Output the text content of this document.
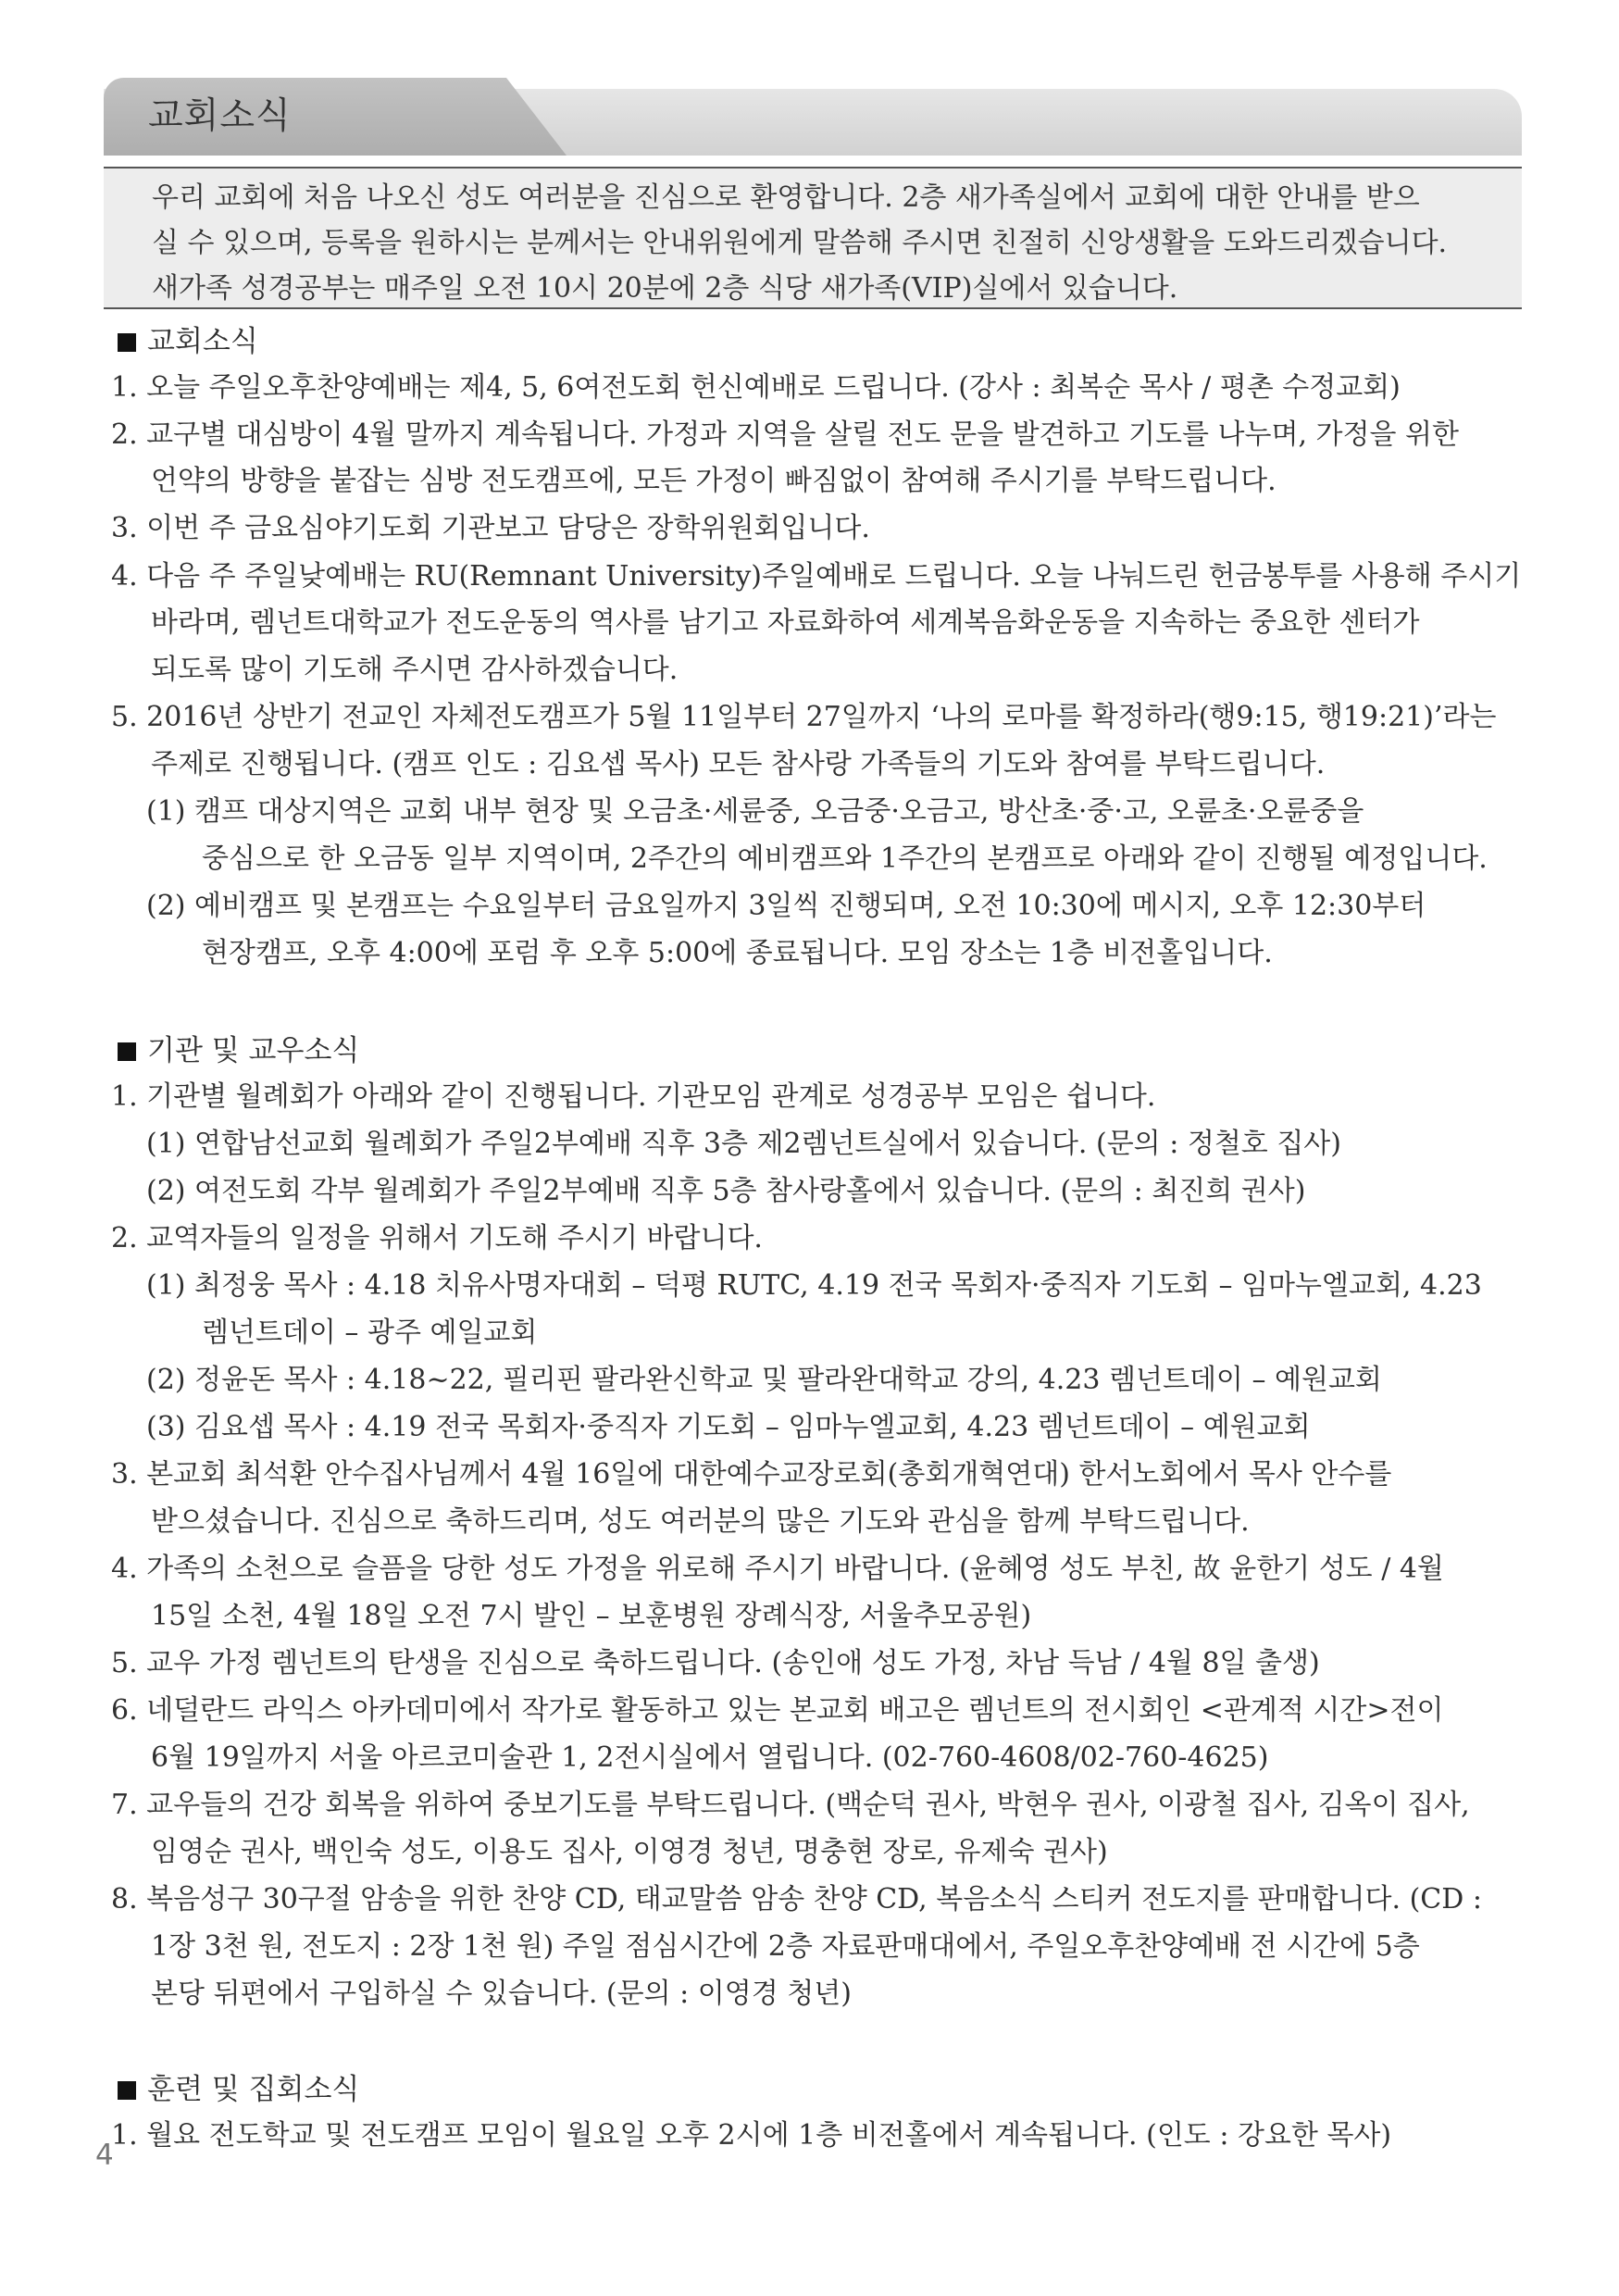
교회소식
우리 교회에 처음 나오신 성도 여러분을 진심으로 환영합니다. 2층 새가족실에서 교회에 대한 안내를 받으
실 수 있으며, 등록을 원하시는 분께서는 안내위원에게 말씀해 주시면 친절히 신앙생활을 도와드리겠습니다.
새가족 성경공부는 매주일 오전 10시 20분에 2층 식당 새가족(VIP)실에서 있습니다.
교회소식
1. 오늘 주일오후찬양예배는 제4, 5, 6여전도회 헌신예배로 드립니다. (강사 : 최복순 목사 / 평촌 수정교회)
2. 교구별 대심방이 4월 말까지 계속됩니다. 가정과 지역을 살릴 전도 문을 발견하고 기도를 나누며, 가정을 위한
언약의 방향을 붙잡는 심방 전도캠프에, 모든 가정이 빠짐없이 참여해 주시기를 부탁드립니다.
3. 이번 주 금요심야기도회 기관보고 담당은 장학위원회입니다.
4. 다음 주 주일낮예배는 RU(Remnant University)주일예배로 드립니다. 오늘 나눠드린 헌금봉투를 사용해 주시기
바라며, 렘넌트대학교가 전도운동의 역사를 남기고 자료화하여 세계복음화운동을 지속하는 중요한 센터가
되도록 많이 기도해 주시면 감사하겠습니다.
5. 2016년 상반기 전교인 자체전도캠프가 5월 11일부터 27일까지 ‘나의 로마를 확정하라(행9:15, 행19:21)’라는
주제로 진행됩니다. (캠프 인도 : 김요셉 목사) 모든 참사랑 가족들의 기도와 참여를 부탁드립니다.
(1) 캠프 대상지역은 교회 내부 현장 및 오금초·세륜중, 오금중·오금고, 방산초·중·고, 오륜초·오륜중을
중심으로 한 오금동 일부 지역이며, 2주간의 예비캠프와 1주간의 본캠프로 아래와 같이 진행될 예정입니다.
(2) 예비캠프 및 본캠프는 수요일부터 금요일까지 3일씩 진행되며, 오전 10:30에 메시지, 오후 12:30부터
현장캠프, 오후 4:00에 포럼 후 오후 5:00에 종료됩니다. 모임 장소는 1층 비전홀입니다.
기관 및 교우소식
1. 기관별 월례회가 아래와 같이 진행됩니다. 기관모임 관계로 성경공부 모임은 쉽니다.
(1) 연합남선교회 월례회가 주일2부예배 직후 3층 제2렘넌트실에서 있습니다. (문의 : 정철호 집사)
(2) 여전도회 각부 월례회가 주일2부예배 직후 5층 참사랑홀에서 있습니다. (문의 : 최진희 권사)
2. 교역자들의 일정을 위해서 기도해 주시기 바랍니다.
(1) 최정웅 목사 : 4.18 치유사명자대회 – 덕평 RUTC, 4.19 전국 목회자·중직자 기도회 – 임마누엘교회, 4.23
렘넌트데이 – 광주 예일교회
(2) 정윤돈 목사 : 4.18~22, 필리핀 팔라완신학교 및 팔라완대학교 강의, 4.23 렘넌트데이 – 예원교회
(3) 김요셉 목사 : 4.19 전국 목회자·중직자 기도회 – 임마누엘교회, 4.23 렘넌트데이 – 예원교회
3. 본교회 최석환 안수집사님께서 4월 16일에 대한예수교장로회(총회개혁연대) 한서노회에서 목사 안수를
받으셨습니다. 진심으로 축하드리며, 성도 여러분의 많은 기도와 관심을 함께 부탁드립니다.
4. 가족의 소천으로 슬픔을 당한 성도 가정을 위로해 주시기 바랍니다. (윤혜영 성도 부친, 故 윤한기 성도 / 4월
15일 소천, 4월 18일 오전 7시 발인 – 보훈병원 장례식장, 서울추모공원)
5. 교우 가정 렘넌트의 탄생을 진심으로 축하드립니다. (송인애 성도 가정, 차남 득남 / 4월 8일 출생)
6. 네덜란드 라익스 아카데미에서 작가로 활동하고 있는 본교회 배고은 렘넌트의 전시회인 <관계적 시간>전이
6월 19일까지 서울 아르코미술관 1, 2전시실에서 열립니다. (02-760-4608/02-760-4625)
7. 교우들의 건강 회복을 위하여 중보기도를 부탁드립니다. (백순덕 권사, 박현우 권사, 이광철 집사, 김옥이 집사,
임영순 권사, 백인숙 성도, 이용도 집사, 이영경 청년, 명충현 장로, 유제숙 권사)
8. 복음성구 30구절 암송을 위한 찬양 CD, 태교말씀 암송 찬양 CD, 복음소식 스티커 전도지를 판매합니다. (CD :
1장 3천 원, 전도지 : 2장 1천 원) 주일 점심시간에 2층 자료판매대에서, 주일오후찬양예배 전 시간에 5층
본당 뒤편에서 구입하실 수 있습니다. (문의 : 이영경 청년)
훈련 및 집회소식
1. 월요 전도학교 및 전도캠프 모임이 월요일 오후 2시에 1층 비전홀에서 계속됩니다. (인도 : 강요한 목사)
4
